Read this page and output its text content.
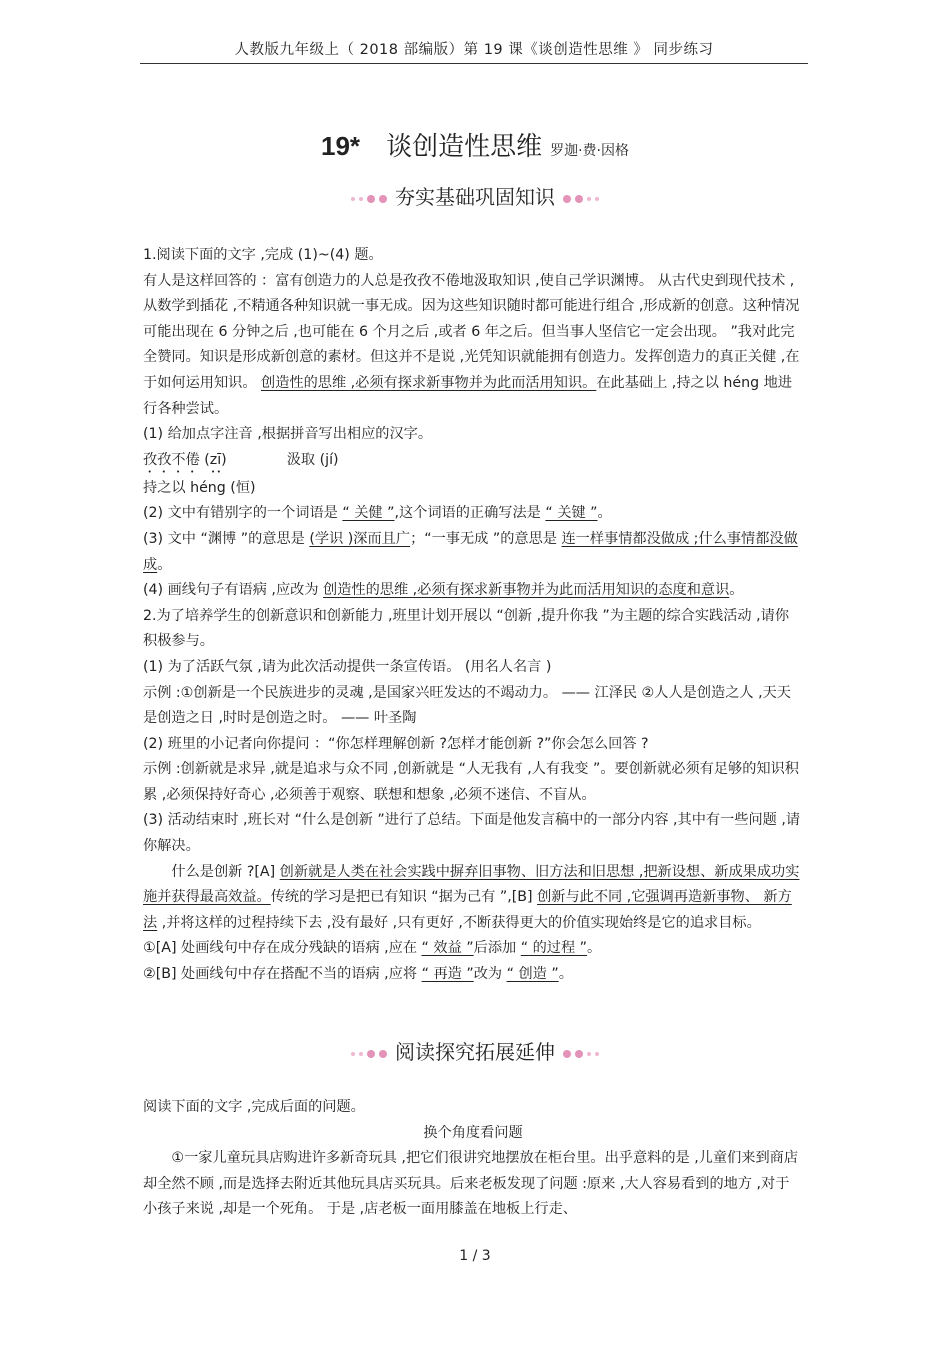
人教版九年级上（ 2018 部编版）第 19 课《谈创造性思维 》 同步练习
19* 谈创造性思维 罗迦·费·因格
夯实基础巩固知识

1.阅读下面的文字 ,完成 (1)~(4) 题。

有人是这样回答的 ：富有创造力的人总是孜孜不倦地汲取知识 ,使自己学识渊博。 从古代史到现代技术 ,从数学到插花 ,不精通各种知识就一事无成。因为这些知识随时都可能进行组合 ,形成新的创意。这种情况可能出现在 6 分钟之后 ,也可能在 6 个月之后 ,或者 6 年之后。但当事人坚信它一定会出现。 ”我对此完全赞同。知识是形成新创意的素材。但这并不是说 ,光凭知识就能拥有创造力。发挥创造力的真正关健 ,在于如何运用知识。 创造性的思维 ,必须有探求新事物并为此而活用知识。在此基础上 ,持之以 héng 地进行各种尝试。

(1) 给加点字注音 ,根据拼音写出相应的汉字。

孜孜不倦 (zī)	汲取 (jí)

持之以 héng (恒)

(2) 文中有错别字的一个词语是 “ 关健 ”,这个词语的正确写法是 “ 关键 ”。

(3) 文中 “渊博 ”的意思是 (学识 )深而且广；“一事无成 ”的意思是 连一样事情都没做成 ;什么事情都没做成。

(4) 画线句子有语病 ,应改为 创造性的思维 ,必须有探求新事物并为此而活用知识的态度和意识。

2.为了培养学生的创新意识和创新能力 ,班里计划开展以 “创新 ,提升你我 ”为主题的综合实践活动 ,请你积极参与。

(1) 为了活跃气氛 ,请为此次活动提供一条宣传语。 (用名人名言 )

示例 :①创新是一个民族进步的灵魂 ,是国家兴旺发达的不竭动力。 —— 江泽民 ②人人是创造之人 ,天天是创造之日 ,时时是创造之时。 —— 叶圣陶

(2) 班里的小记者向你提问 ：“你怎样理解创新 ?怎样才能创新 ?”你会怎么回答 ?

示例 :创新就是求异 ,就是追求与众不同 ,创新就是 “人无我有 ,人有我变 ”。要创新就必须有足够的知识积累 ,必须保持好奇心 ,必须善于观察、联想和想象 ,必须不迷信、不盲从。

(3) 活动结束时 ,班长对 “什么是创新 ”进行了总结。下面是他发言稿中的一部分内容 ,其中有一些问题 ,请你解决。

什么是创新 ?[A] 创新就是人类在社会实践中摒弃旧事物、旧方法和旧思想 ,把新设想、新成果成功实施并获得最高效益。传统的学习是把已有知识 “据为己有 ”,[B] 创新与此不同 ,它强调再造新事物、 新方法 ,并将这样的过程持续下去 ,没有最好 ,只有更好 ,不断获得更大的价值实现始终是它的追求目标。

①[A] 处画线句中存在成分残缺的语病 ,应在 “ 效益 ”后添加 “ 的过程 ”。

②[B] 处画线句中存在搭配不当的语病 ,应将 “ 再造 ”改为 “ 创造 ”。

阅读探究拓展延伸

阅读下面的文字 ,完成后面的问题。

换个角度看问题

①一家儿童玩具店购进许多新奇玩具 ,把它们很讲究地摆放在柜台里。出乎意料的是 ,儿童们来到商店却全然不顾 ,而是选择去附近其他玩具店买玩具。后来老板发现了问题 :原来 ,大人容易看到的地方 ,对于小孩子来说 ,却是一个死角。 于是 ,店老板一面用膝盖在地板上行走、

1 / 3
